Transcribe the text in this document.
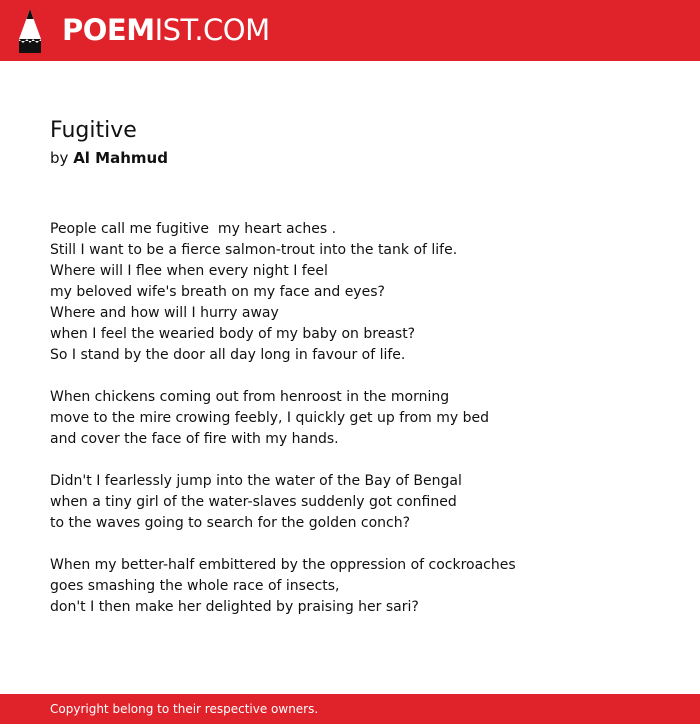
POEMIST.COM
Fugitive
by Al Mahmud
People call me fugitive  my heart aches .
Still I want to be a fierce salmon-trout into the tank of life.
Where will I flee when every night I feel
my beloved wife's breath on my face and eyes?
Where and how will I hurry away
when I feel the wearied body of my baby on breast?
So I stand by the door all day long in favour of life.
When chickens coming out from henroost in the morning
move to the mire crowing feebly, I quickly get up from my bed
and cover the face of fire with my hands.
Didn't I fearlessly jump into the water of the Bay of Bengal
when a tiny girl of the water-slaves suddenly got confined
to the waves going to search for the golden conch?
When my better-half embittered by the oppression of cockroaches
goes smashing the whole race of insects,
don't I then make her delighted by praising her sari?
Copyright belong to their respective owners.
